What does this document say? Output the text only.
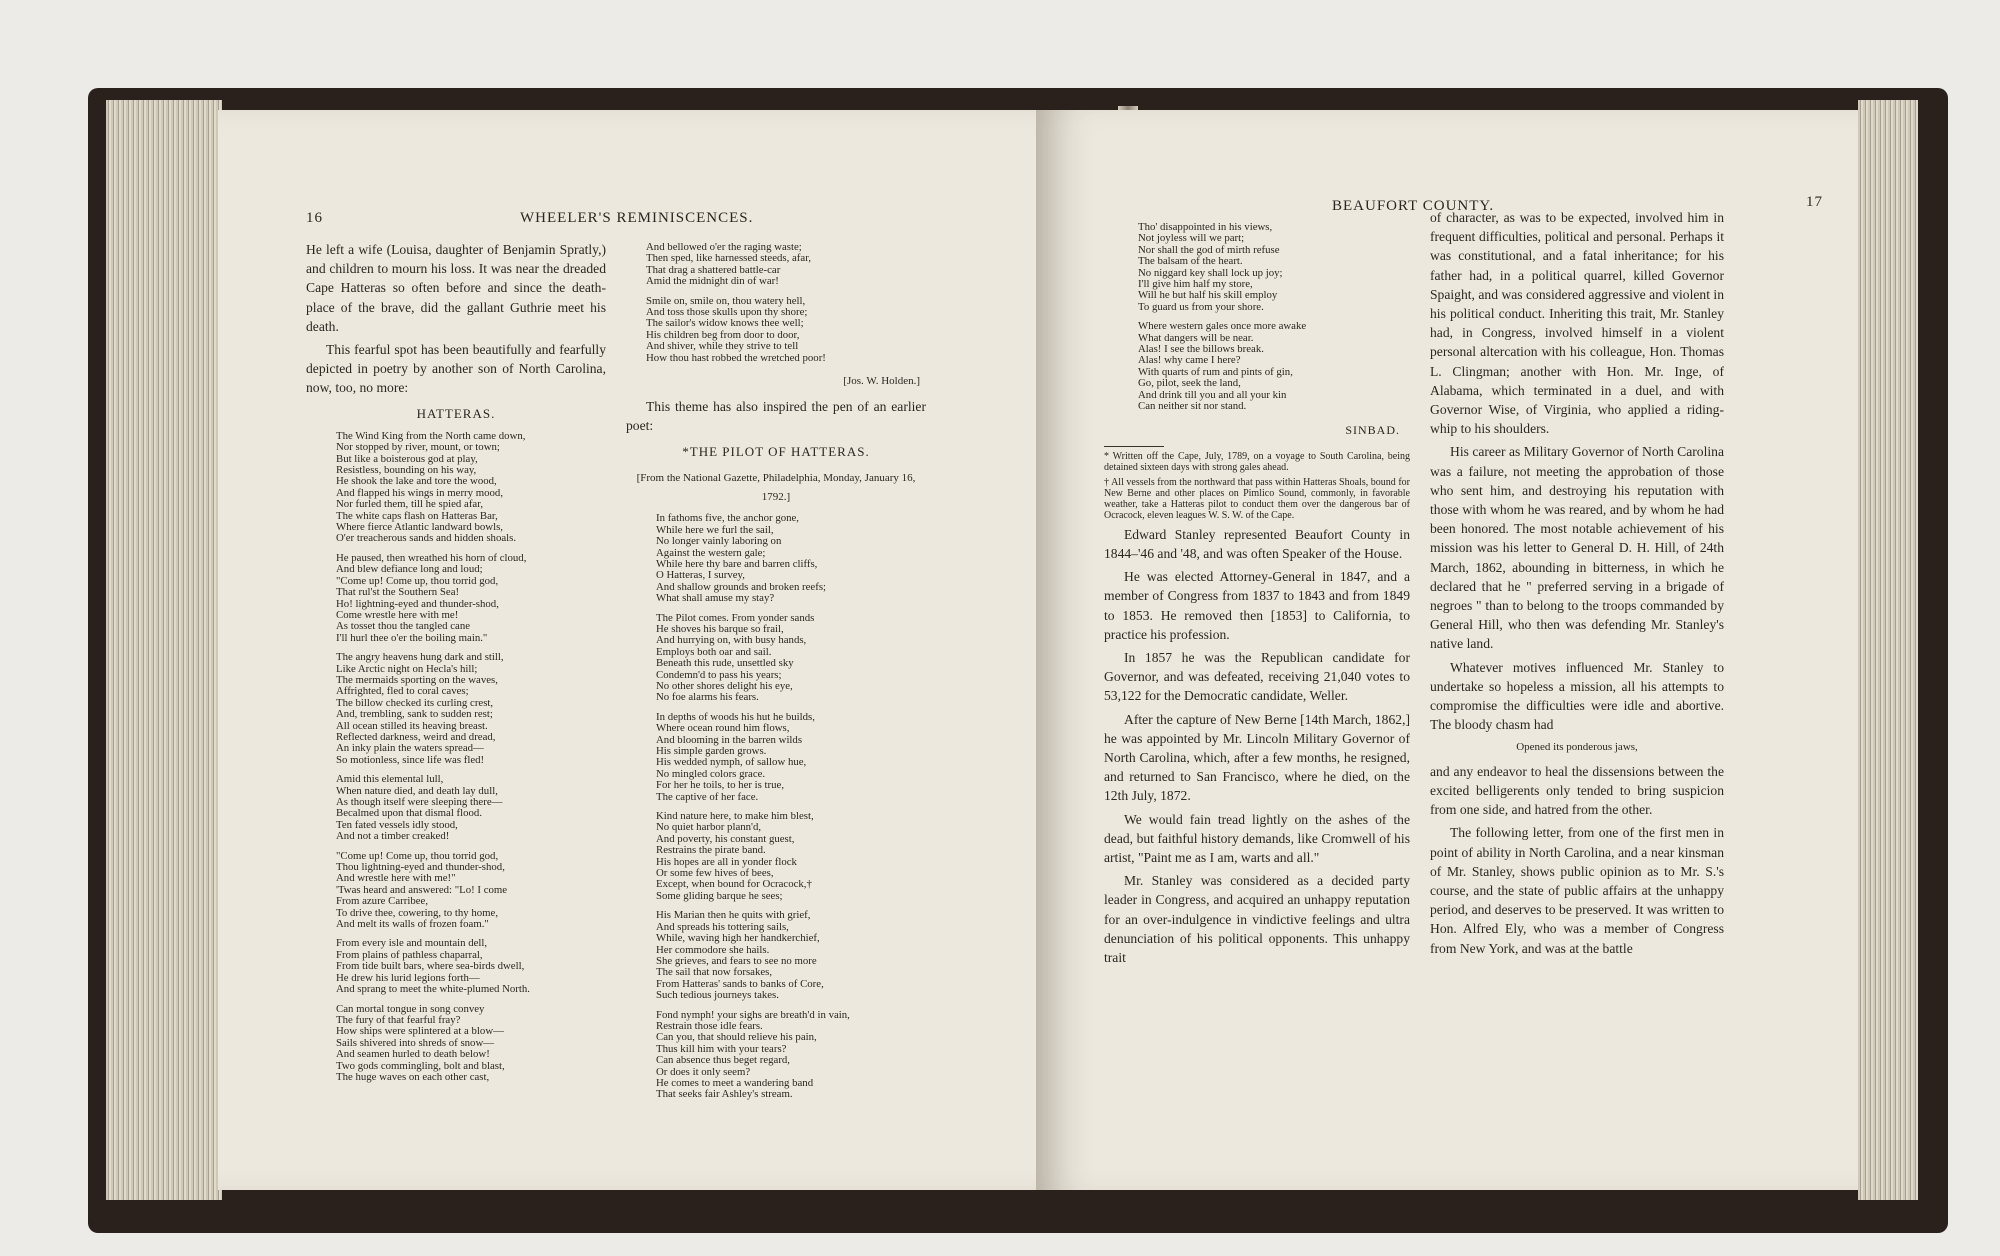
16	WHEELER'S REMINISCENCES.

He left a wife (Louisa, daughter of Benjamin Spratly,) and children to mourn his loss. It was near the dreaded Cape Hatteras so often before and since the death-place of the brave, did the gallant Guthrie meet his death.

This fearful spot has been beautifully and fearfully depicted in poetry by another son of North Carolina, now, too, no more:

HATTERAS.
The Wind King from the North came down,
Nor stopped by river, mount, or town;
But like a boisterous god at play,
Resistless, bounding on his way,
He shook the lake and tore the wood,
And flapped his wings in merry mood,
Nor furled them, till he spied afar,
The white caps flash on Hatteras Bar,
Where fierce Atlantic landward bowls,
O'er treacherous sands and hidden shoals.
He paused, then wreathed his horn of cloud,
And blew defiance long and loud;
"Come up! Come up, thou torrid god,
That rul'st the Southern Sea!
Ho! lightning-eyed and thunder-shod,
Come wrestle here with me!
As tosset thou the tangled cane
I'll hurl thee o'er the boiling main."
The angry heavens hung dark and still,
Like Arctic night on Hecla's hill;
The mermaids sporting on the waves,
Affrighted, fled to coral caves;
The billow checked its curling crest,
And, trembling, sank to sudden rest;
All ocean stilled its heaving breast.
Reflected darkness, weird and dread,
An inky plain the waters spread—
So motionless, since life was fled!
Amid this elemental lull,
When nature died, and death lay dull,
As though itself were sleeping there—
Becalmed upon that dismal flood.
Ten fated vessels idly stood,
And not a timber creaked!
"Come up! Come up, thou torrid god,
Thou lightning-eyed and thunder-shod,
And wrestle here with me!"
'Twas heard and answered: "Lo! I come
From azure Carribee,
To drive thee, cowering, to thy home,
And melt its walls of frozen foam."
From every isle and mountain dell,
From plains of pathless chaparral,
From tide built bars, where sea-birds dwell,
He drew his lurid legions forth—
And sprang to meet the white-plumed North.
Can mortal tongue in song convey
The fury of that fearful fray?
How ships were splintered at a blow—
Sails shivered into shreds of snow—
And seamen hurled to death below!
Two gods commingling, bolt and blast,
The huge waves on each other cast,
And bellowed o'er the raging waste;
Then sped, like harnessed steeds, afar,
That drag a shattered battle-car
Amid the midnight din of war!
Smile on, smile on, thou watery hell,
And toss those skulls upon thy shore;
The sailor's widow knows thee well;
His children beg from door to door,
And shiver, while they strive to tell
How thou hast robbed the wretched poor!
[Jos. W. Holden.]

This theme has also inspired the pen of an earlier poet:

*THE PILOT OF HATTERAS.
[From the National Gazette, Philadelphia, Monday, January 16, 1792.]
In fathoms five, the anchor gone,
While here we furl the sail,
No longer vainly laboring on
Against the western gale;
While here thy bare and barren cliffs,
O Hatteras, I survey,
And shallow grounds and broken reefs;
What shall amuse my stay?
The Pilot comes. From yonder sands
He shoves his barque so frail,
And hurrying on, with busy hands,
Employs both oar and sail.
Beneath this rude, unsettled sky
Condemn'd to pass his years;
No other shores delight his eye,
No foe alarms his fears.
In depths of woods his hut he builds,
Where ocean round him flows,
And blooming in the barren wilds
His simple garden grows.
His wedded nymph, of sallow hue,
No mingled colors grace.
For her he toils, to her is true,
The captive of her face.
Kind nature here, to make him blest,
No quiet harbor plann'd,
And poverty, his constant guest,
Restrains the pirate band.
His hopes are all in yonder flock
Or some few hives of bees,
Except, when bound for Ocracock,†
Some gliding barque he sees;
His Marian then he quits with grief,
And spreads his tottering sails,
While, waving high her handkerchief,
Her commodore she hails.
She grieves, and fears to see no more
The sail that now forsakes,
From Hatteras' sands to banks of Core,
Such tedious journeys takes.
Fond nymph! your sighs are breath'd in vain,
Restrain those idle fears.
Can you, that should relieve his pain,
Thus kill him with your tears?
Can absence thus beget regard,
Or does it only seem?
He comes to meet a wandering band
That seeks fair Ashley's stream.
BEAUFORT COUNTY.	17
Tho' disappointed in his views,
Not joyless will we part;
Nor shall the god of mirth refuse
The balsam of the heart.
No niggard key shall lock up joy;
I'll give him half my store,
Will he but half his skill employ
To guard us from your shore.
Where western gales once more awake
What dangers will be near.
Alas! I see the billows break.
Alas! why came I here?
With quarts of rum and pints of gin,
Go, pilot, seek the land,
And drink till you and all your kin
Can neither sit nor stand.
SINBAD.
* Written off the Cape, July, 1789, on a voyage to South Carolina, being detained sixteen days with strong gales ahead.
† All vessels from the northward that pass within Hatteras Shoals, bound for New Berne and other places on Pimlico Sound, commonly, in favorable weather, take a Hatteras pilot to conduct them over the dangerous bar of Ocracock, eleven leagues W. S. W. of the Cape.

Edward Stanley represented Beaufort County in 1844–'46 and '48, and was often Speaker of the House.

He was elected Attorney-General in 1847, and a member of Congress from 1837 to 1843 and from 1849 to 1853. He removed then [1853] to California, to practice his profession.

In 1857 he was the Republican candidate for Governor, and was defeated, receiving 21,040 votes to 53,122 for the Democratic candidate, Weller.

After the capture of New Berne [14th March, 1862,] he was appointed by Mr. Lincoln Military Governor of North Carolina, which, after a few months, he resigned, and returned to San Francisco, where he died, on the 12th July, 1872.

We would fain tread lightly on the ashes of the dead, but faithful history demands, like Cromwell of his artist, "Paint me as I am, warts and all."

Mr. Stanley was considered as a decided party leader in Congress, and acquired an unhappy reputation for an over-indulgence in vindictive feelings and ultra denunciation of his political opponents. This unhappy trait

of character, as was to be expected, involved him in frequent difficulties, political and personal. Perhaps it was constitutional, and a fatal inheritance; for his father had, in a political quarrel, killed Governor Spaight, and was considered aggressive and violent in his political conduct. Inheriting this trait, Mr. Stanley had, in Congress, involved himself in a violent personal altercation with his colleague, Hon. Thomas L. Clingman; another with Hon. Mr. Inge, of Alabama, which terminated in a duel, and with Governor Wise, of Virginia, who applied a riding-whip to his shoulders.

His career as Military Governor of North Carolina was a failure, not meeting the approbation of those who sent him, and destroying his reputation with those with whom he was reared, and by whom he had been honored. The most notable achievement of his mission was his letter to General D. H. Hill, of 24th March, 1862, abounding in bitterness, in which he declared that he " preferred serving in a brigade of negroes " than to belong to the troops commanded by General Hill, who then was defending Mr. Stanley's native land.

Whatever motives influenced Mr. Stanley to undertake so hopeless a mission, all his attempts to compromise the difficulties were idle and abortive. The bloody chasm had

Opened its ponderous jaws,

and any endeavor to heal the dissensions between the excited belligerents only tended to bring suspicion from one side, and hatred from the other.

The following letter, from one of the first men in point of ability in North Carolina, and a near kinsman of Mr. Stanley, shows public opinion as to Mr. S.'s course, and the state of public affairs at the unhappy period, and deserves to be preserved. It was written to Hon. Alfred Ely, who was a member of Congress from New York, and was at the battle
